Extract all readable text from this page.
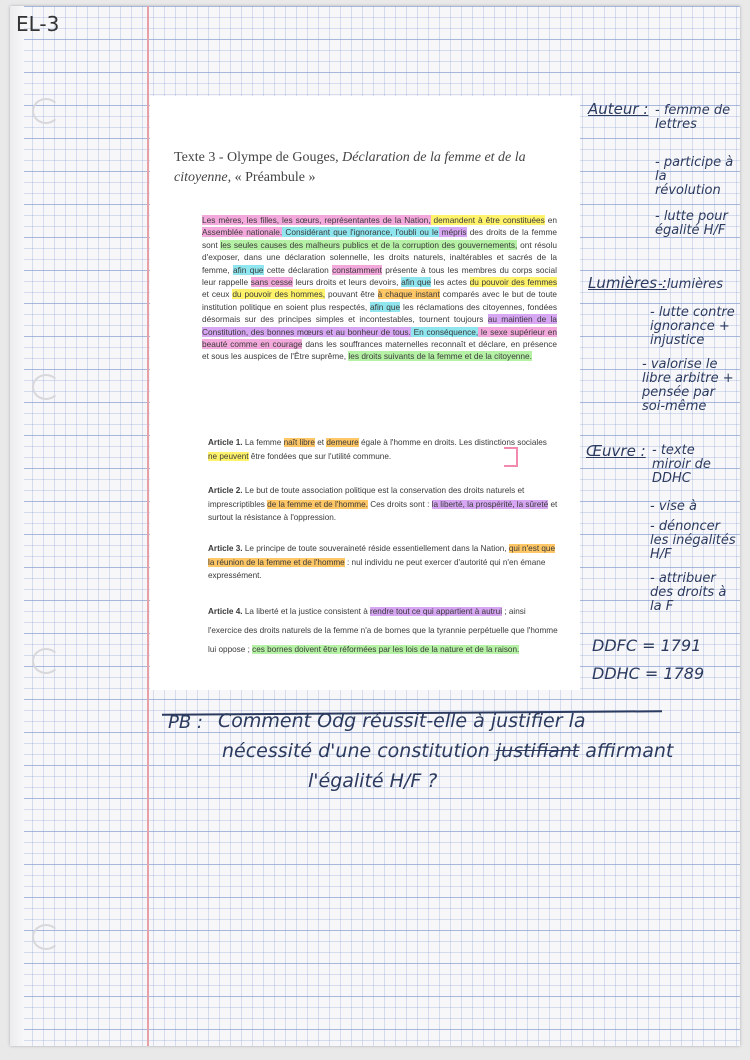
EL-3
Auteur : - femme de lettres
- participe à la révolution
- lutte pour égalité H/F
Lumières :
- lumières
- lutte contre ignorance + injustice
- valorise le libre arbitre + pensée par soi-même
Œuvre : - texte miroir de DDHC
- vise à
- dénoncer les inégalités H/F
- attribuer des droits à la F
DDFC = 1791
DDHC = 1789
PB : Comment Odg réussit-elle à justifier la
nécessité d'une constitution justifiant affirmant
l'égalité H/F ?
Texte 3 - Olympe de Gouges, Déclaration de la femme et de la citoyenne, « Préambule »
Les mères, les filles, les sœurs, représentantes de la Nation, demandent à être constituées en Assemblée nationale. Considérant que l'ignorance, l'oubli ou le mépris des droits de la femme sont les seules causes des malheurs publics et de la corruption des gouvernements, ont résolu d'exposer, dans une déclaration solennelle, les droits naturels, inaltérables et sacrés de la femme, afin que cette déclaration constamment présente à tous les membres du corps social leur rappelle sans cesse leurs droits et leurs devoirs, afin que les actes du pouvoir des femmes et ceux du pouvoir des hommes, pouvant être à chaque instant comparés avec le but de toute institution politique en soient plus respectés, afin que les réclamations des citoyennes, fondées désormais sur des principes simples et incontestables, tournent toujours au maintien de la Constitution, des bonnes mœurs et au bonheur de tous. En conséquence, le sexe supérieur en beauté comme en courage dans les souffrances maternelles reconnaît et déclare, en présence et sous les auspices de l'Être suprême, les droits suivants de la femme et de la citoyenne.
Article 1. La femme naît libre et demeure égale à l'homme en droits. Les distinctions sociales ne peuvent être fondées que sur l'utilité commune.
Article 2. Le but de toute association politique est la conservation des droits naturels et imprescriptibles de la femme et de l'homme. Ces droits sont : la liberté, la prospérité, la sûreté et surtout la résistance à l'oppression.
Article 3. Le principe de toute souveraineté réside essentiellement dans la Nation, qui n'est que la réunion de la femme et de l'homme : nul individu ne peut exercer d'autorité qui n'en émane expressément.
Article 4. La liberté et la justice consistent à rendre tout ce qui appartient à autrui ; ainsi l'exercice des droits naturels de la femme n'a de bornes que la tyrannie perpétuelle que l'homme lui oppose ; ces bornes doivent être réformées par les lois de la nature et de la raison.
